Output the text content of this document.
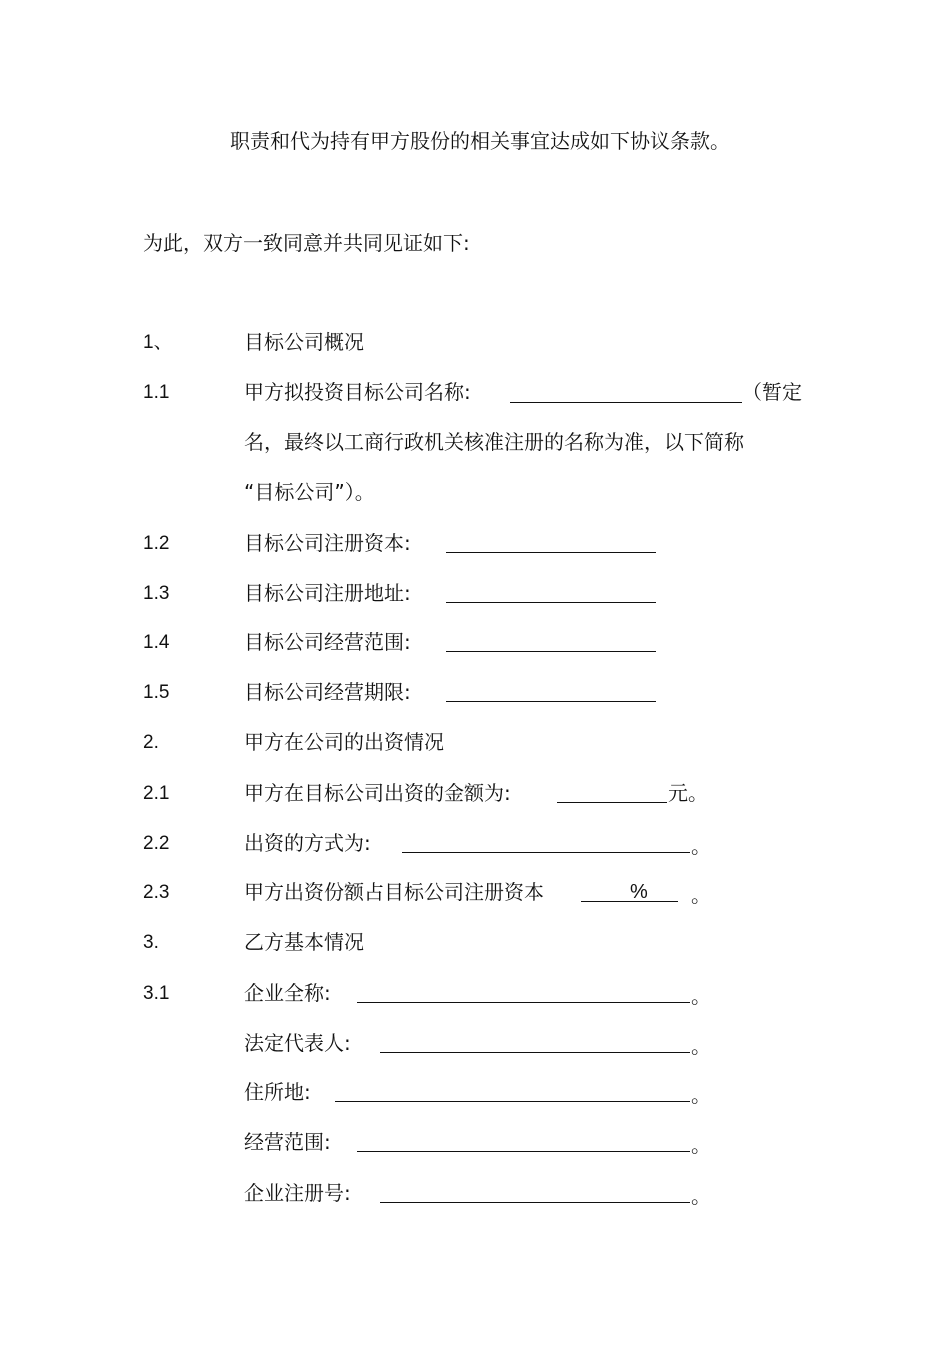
职责和代为持有甲方股份的相关事宜达成如下协议条款。
为此，双方一致同意并共同见证如下:
1、	目标公司概况
1.1	甲方拟投资目标公司名称:	（暂定
名，最终以工商行政机关核准注册的名称为准，以下简称
“目标公司”）。
1.2	目标公司注册资本:
1.3	目标公司注册地址:
1.4	目标公司经营范围:
1.5	目标公司经营期限:
2.	甲方在公司的出资情况
2.1	甲方在目标公司出资的金额为:	元。
2.2	出资的方式为:	。
2.3	甲方出资份额占目标公司注册资本	% 。
3.	乙方基本情况
3.1	企业全称:	。
法定代表人:	。
住所地:	。
经营范围:	。
企业注册号:	。
